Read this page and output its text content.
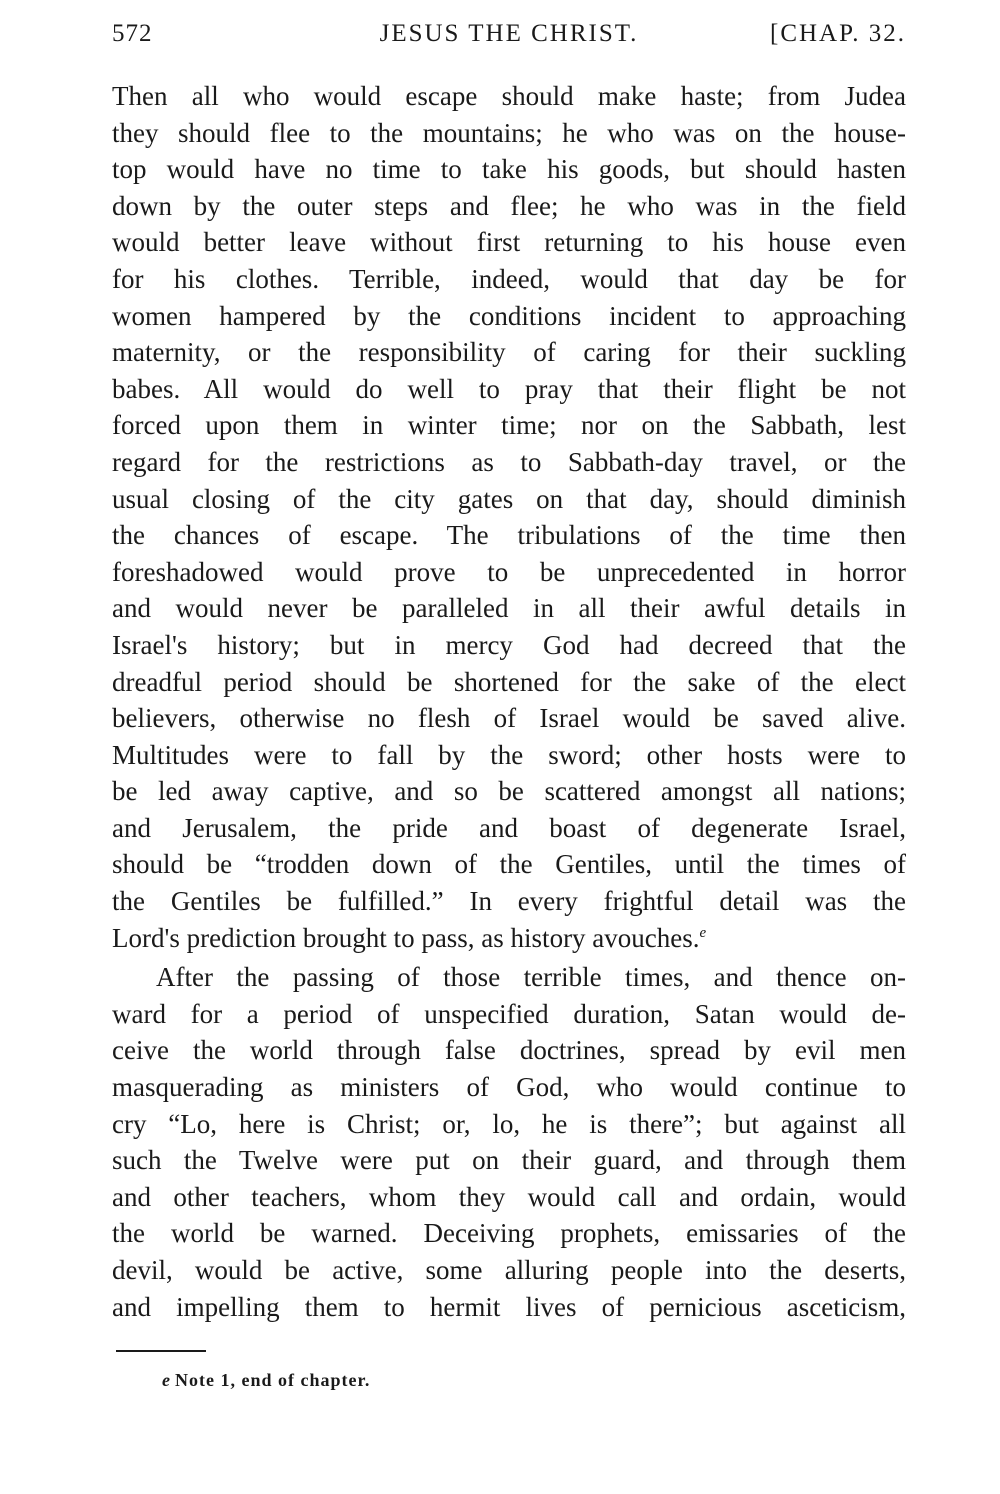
572	JESUS THE CHRIST.	[CHAP. 32.
Then all who would escape should make haste; from Judea
they should flee to the mountains; he who was on the house-
top would have no time to take his goods, but should hasten
down by the outer steps and flee; he who was in the field
would better leave without first returning to his house even
for his clothes. Terrible, indeed, would that day be for
women hampered by the conditions incident to approaching
maternity, or the responsibility of caring for their suckling
babes. All would do well to pray that their flight be not
forced upon them in winter time; nor on the Sabbath, lest
regard for the restrictions as to Sabbath-day travel, or the
usual closing of the city gates on that day, should diminish
the chances of escape. The tribulations of the time then
foreshadowed would prove to be unprecedented in horror
and would never be paralleled in all their awful details in
Israel's history; but in mercy God had decreed that the
dreadful period should be shortened for the sake of the elect
believers, otherwise no flesh of Israel would be saved alive.
Multitudes were to fall by the sword; other hosts were to
be led away captive, and so be scattered amongst all nations;
and Jerusalem, the pride and boast of degenerate Israel,
should be “trodden down of the Gentiles, until the times of
the Gentiles be fulfilled.” In every frightful detail was the
Lord's prediction brought to pass, as history avouches.$^e$
After the passing of those terrible times, and thence on-
ward for a period of unspecified duration, Satan would de-
ceive the world through false doctrines, spread by evil men
masquerading as ministers of God, who would continue to
cry “Lo, here is Christ; or, lo, he is there”; but against all
such the Twelve were put on their guard, and through them
and other teachers, whom they would call and ordain, would
the world be warned. Deceiving prophets, emissaries of the
devil, would be active, some alluring people into the deserts,
and impelling them to hermit lives of pernicious asceticism,
e Note 1, end of chapter.
